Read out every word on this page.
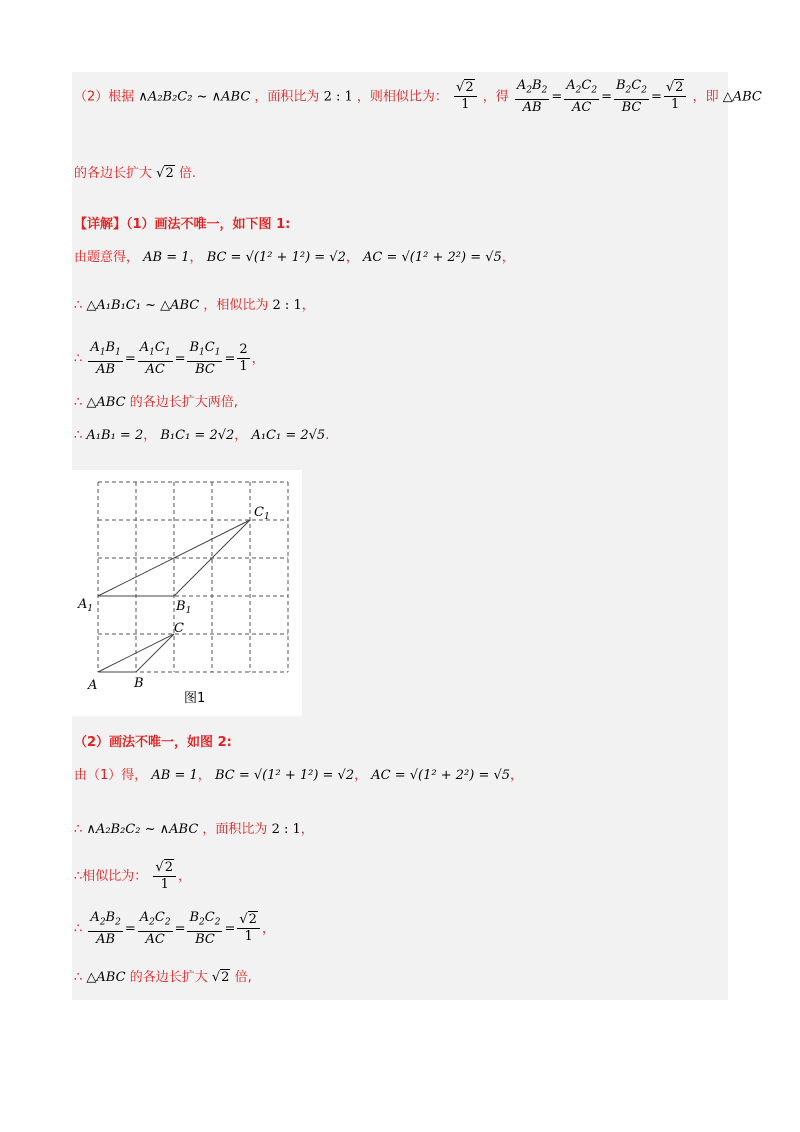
（2）根据 ∧A₂B₂C₂ ~ ∧ABC ，面积比为 2 : 1 ，则相似比为： $\frac{√2}{1}$ ，得 $\frac{A_2B_2}{AB} = \frac{A_2C_2}{AC} = \frac{B_2C_2}{BC} = \frac{√2}{1}$ ，即 △ABC
的各边长扩大 √2 倍.
【详解】（1）画法不唯一，如下图 1:
由题意得， AB = 1， BC = √(1² + 1²) = √2， AC = √(1² + 2²) = √5，
∴ △A₁B₁C₁ ~ △ABC ，相似比为 2 : 1，
∴ $\frac{A_1B_1}{AB} = \frac{A_1C_1}{AC} = \frac{B_1C_1}{BC} = \frac{2}{1}$ ，
∴ △ABC 的各边长扩大两倍,
∴ A₁B₁ = 2， B₁C₁ = 2√2， A₁C₁ = 2√5.
A	B
C
$A_1$	$B_1$
$C_1$
图1
（2）画法不唯一，如图 2:
由（1）得， AB = 1， BC = √(1² + 1²) = √2， AC = √(1² + 2²) = √5，
∴ ∧A₂B₂C₂ ~ ∧ABC ，面积比为 2 : 1，
∴相似比为： $\frac{√2}{1}$ ，
∴ $\frac{A_2B_2}{AB} = \frac{A_2C_2}{AC} = \frac{B_2C_2}{BC} = \frac{√2}{1}$ ，
∴ △ABC 的各边长扩大 √2 倍,
